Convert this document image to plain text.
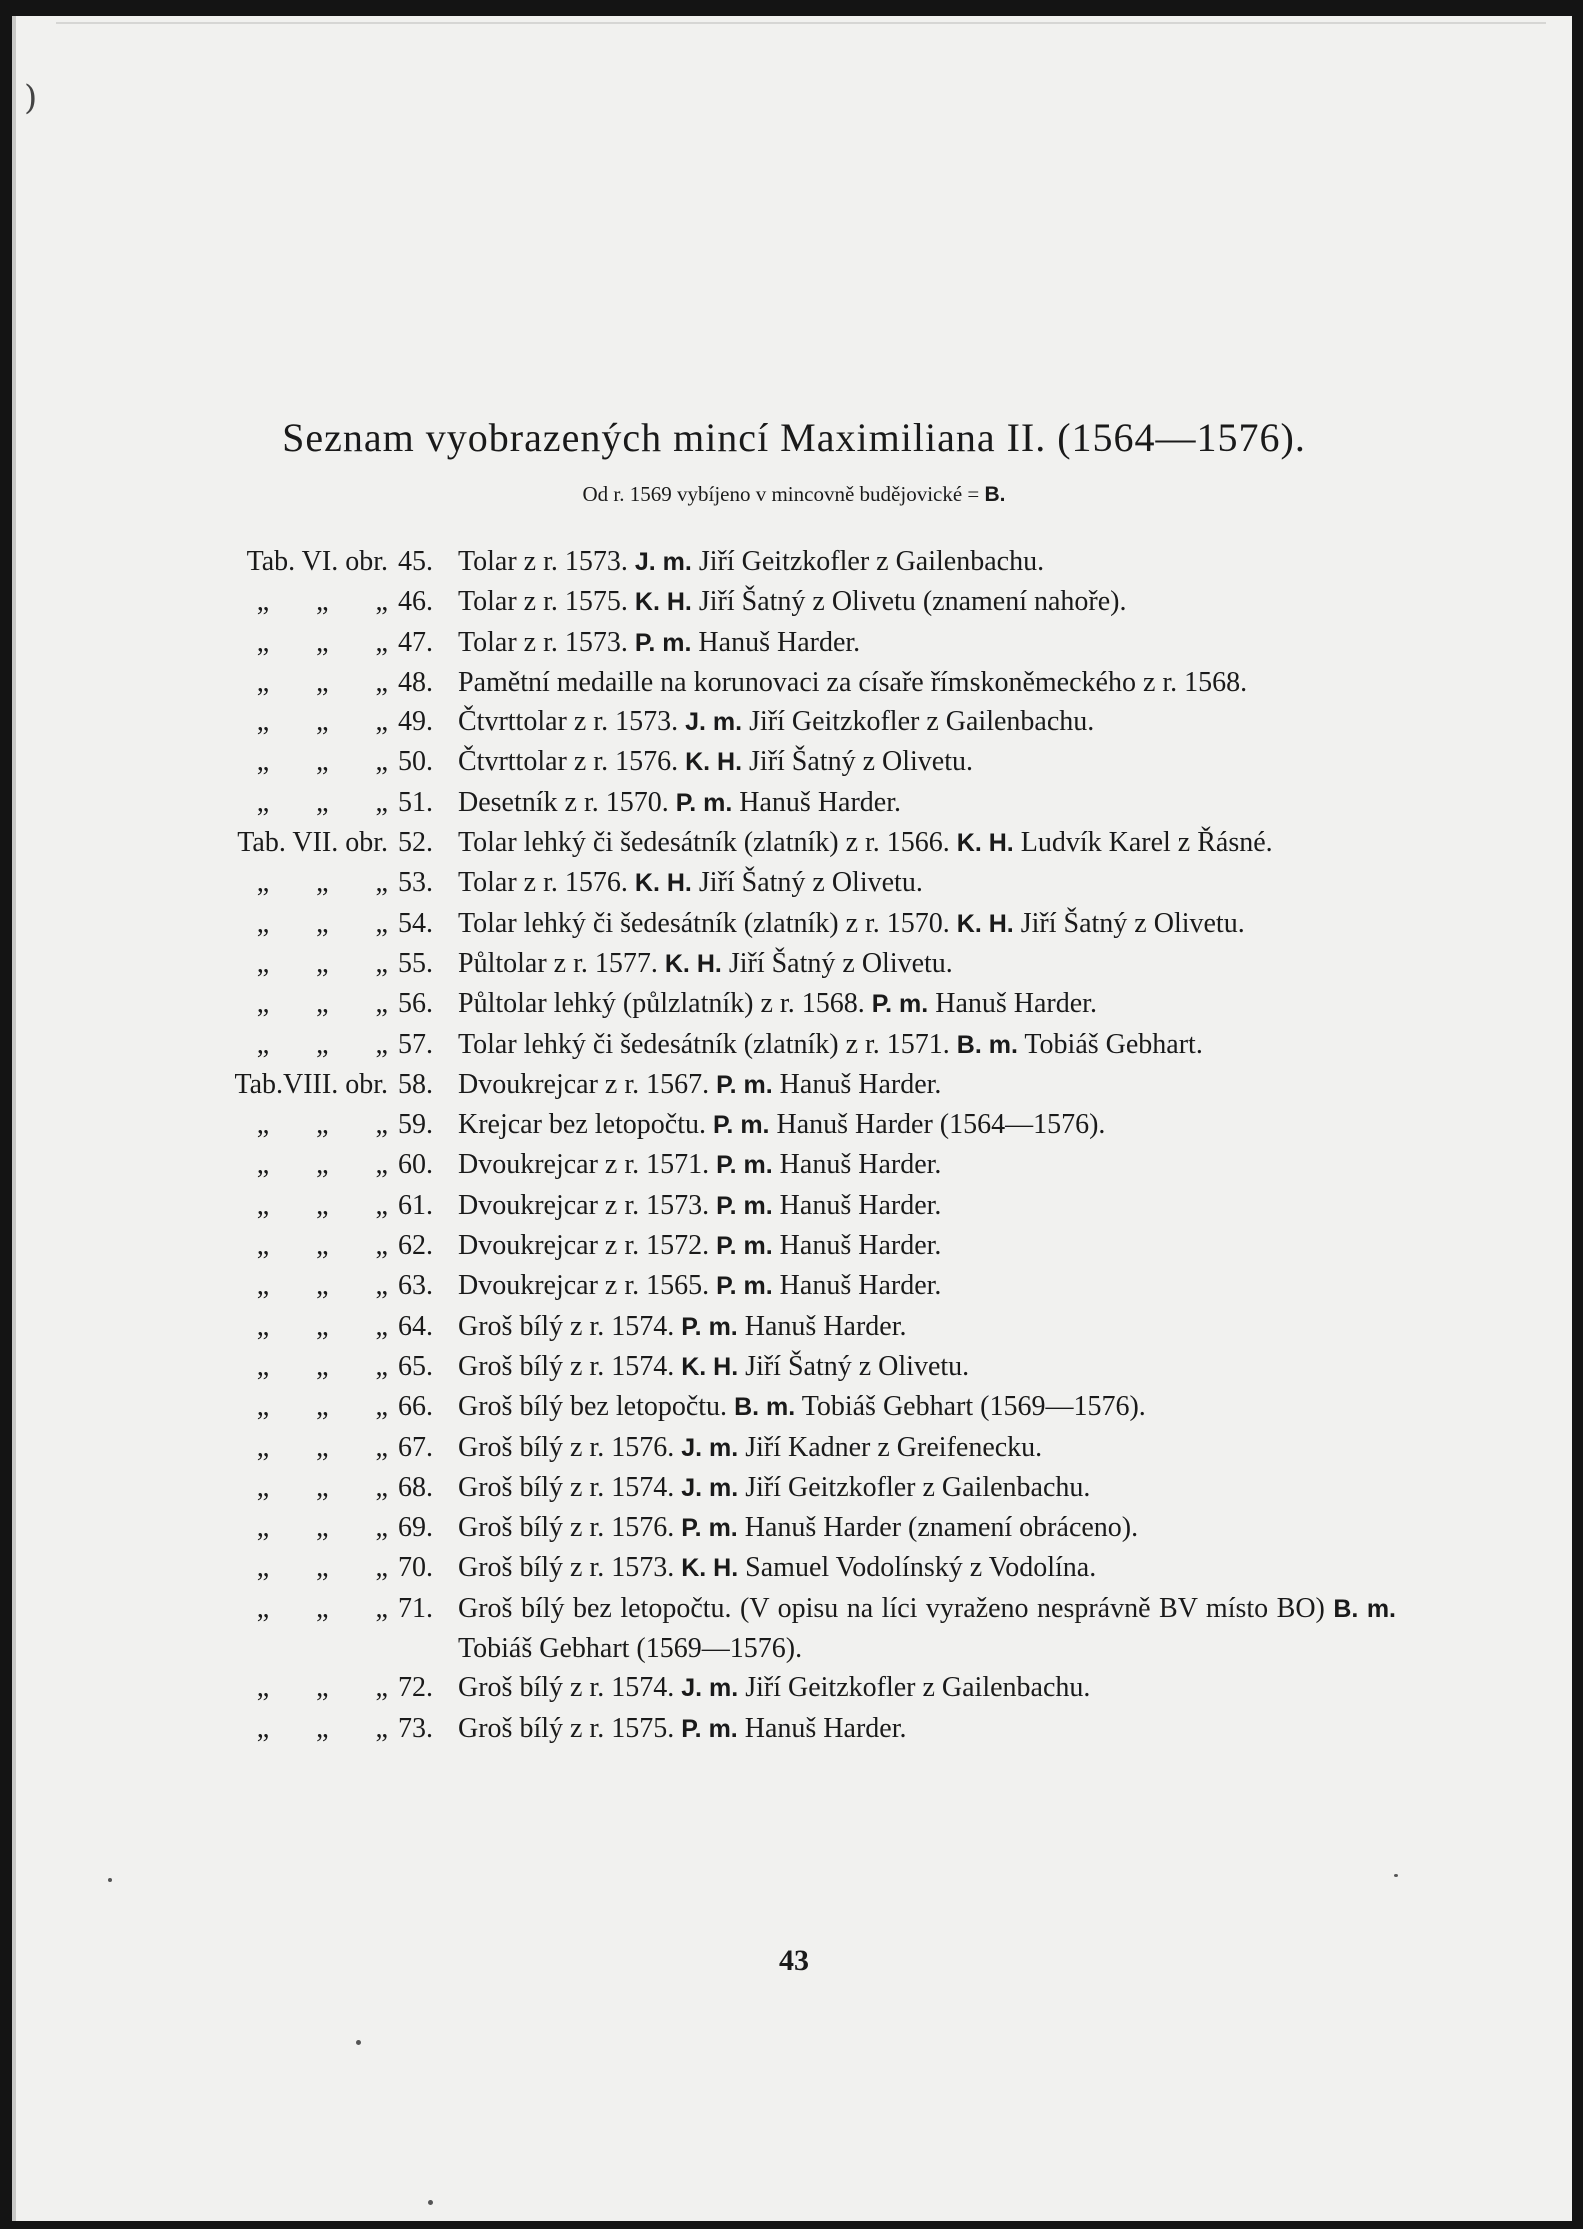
)
Seznam vyobrazených mincí Maximiliana II. (1564—1576).
Od r. 1569 vybíjeno v mincovně budějovické = B.
Tab. VI. obr. 45. Tolar z r. 1573. J. m. Jiří Geitzkofler z Gailenbachu.
„ „ „ 46. Tolar z r. 1575. K. H. Jiří Šatný z Olivetu (znamení nahoře).
„ „ „ 47. Tolar z r. 1573. P. m. Hanuš Harder.
„ „ „ 48. Pamětní medaille na korunovaci za císaře římskoněmeckého z r. 1568.
„ „ „ 49. Čtvrttolar z r. 1573. J. m. Jiří Geitzkofler z Gailenbachu.
„ „ „ 50. Čtvrttolar z r. 1576. K. H. Jiří Šatný z Olivetu.
„ „ „ 51. Desetník z r. 1570. P. m. Hanuš Harder.
Tab. VII. obr. 52. Tolar lehký či šedesátník (zlatník) z r. 1566. K. H. Ludvík Karel z Řásné.
„ „ „ 53. Tolar z r. 1576. K. H. Jiří Šatný z Olivetu.
„ „ „ 54. Tolar lehký či šedesátník (zlatník) z r. 1570. K. H. Jiří Šatný z Olivetu.
„ „ „ 55. Půltolar z r. 1577. K. H. Jiří Šatný z Olivetu.
„ „ „ 56. Půltolar lehký (půlzlatník) z r. 1568. P. m. Hanuš Harder.
„ „ „ 57. Tolar lehký či šedesátník (zlatník) z r. 1571. B. m. Tobiáš Gebhart.
Tab.VIII. obr. 58. Dvoukrejcar z r. 1567. P. m. Hanuš Harder.
„ „ „ 59. Krejcar bez letopočtu. P. m. Hanuš Harder (1564—1576).
„ „ „ 60. Dvoukrejcar z r. 1571. P. m. Hanuš Harder.
„ „ „ 61. Dvoukrejcar z r. 1573. P. m. Hanuš Harder.
„ „ „ 62. Dvoukrejcar z r. 1572. P. m. Hanuš Harder.
„ „ „ 63. Dvoukrejcar z r. 1565. P. m. Hanuš Harder.
„ „ „ 64. Groš bílý z r. 1574. P. m. Hanuš Harder.
„ „ „ 65. Groš bílý z r. 1574. K. H. Jiří Šatný z Olivetu.
„ „ „ 66. Groš bílý bez letopočtu. B. m. Tobiáš Gebhart (1569—1576).
„ „ „ 67. Groš bílý z r. 1576. J. m. Jiří Kadner z Greifenecku.
„ „ „ 68. Groš bílý z r. 1574. J. m. Jiří Geitzkofler z Gailenbachu.
„ „ „ 69. Groš bílý z r. 1576. P. m. Hanuš Harder (znamení obráceno).
„ „ „ 70. Groš bílý z r. 1573. K. H. Samuel Vodolínský z Vodolína.
„ „ „ 71. Groš bílý bez letopočtu. (V opisu na líci vyraženo nesprávně BV místo BO) B. m. Tobiáš Gebhart (1569—1576).
„ „ „ 72. Groš bílý z r. 1574. J. m. Jiří Geitzkofler z Gailenbachu.
„ „ „ 73. Groš bílý z r. 1575. P. m. Hanuš Harder.
43
